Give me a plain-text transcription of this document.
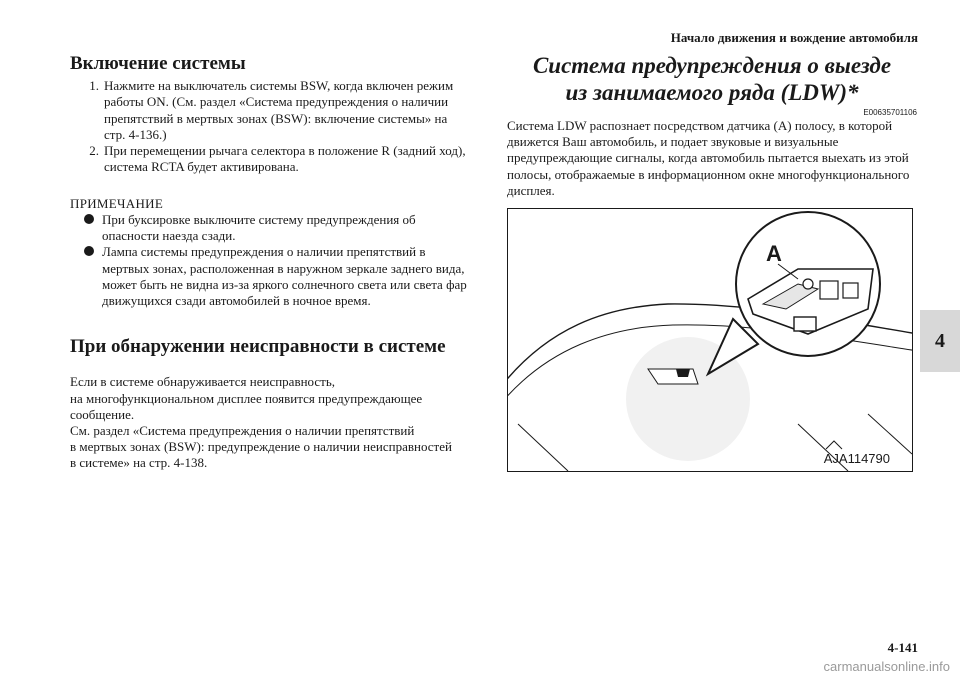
Начало движения и вождение автомобиля
4
Включение системы
1. Нажмите на выключатель системы BSW, когда включен режим работы ON. (См. раздел «Система предупреждения о наличии препятствий в мертвых зонах (BSW): включение системы» на стр. 4-136.)
2. При перемещении рычага селектора в положение R (задний ход), система RCTA будет активирована.
ПРИМЕЧАНИЕ
При буксировке выключите систему предупреждения об опасности наезда сзади.
Лампа системы предупреждения о наличии препятствий в мертвых зонах, расположенная в наружном зеркале заднего вида, может быть не видна из-за яркого солнечного света или света фар движущихся сзади автомобилей в ночное время.
При обнаружении неисправности в системе

Если в системе обнаруживается неисправность,

на многофункциональном дисплее появится предупреждающее сообщение.

См. раздел «Система предупреждения о наличии препятствий

в мертвых зонах (BSW): предупреждение о наличии неисправностей

в системе» на стр. 4-138.

Система предупреждения о выезде
из занимаемого ряда (LDW)*
E00635701106
Система LDW распознает посредством датчика (A) полосу, в которой движется Ваш автомобиль, и подает звуковые и визуальные предупреждающие сигналы, когда автомобиль пытается выехать из этой полосы, отображаемые в информационном окне многофункционального дисплея.
A
AJA114790
4-141
carmanualsonline.info
